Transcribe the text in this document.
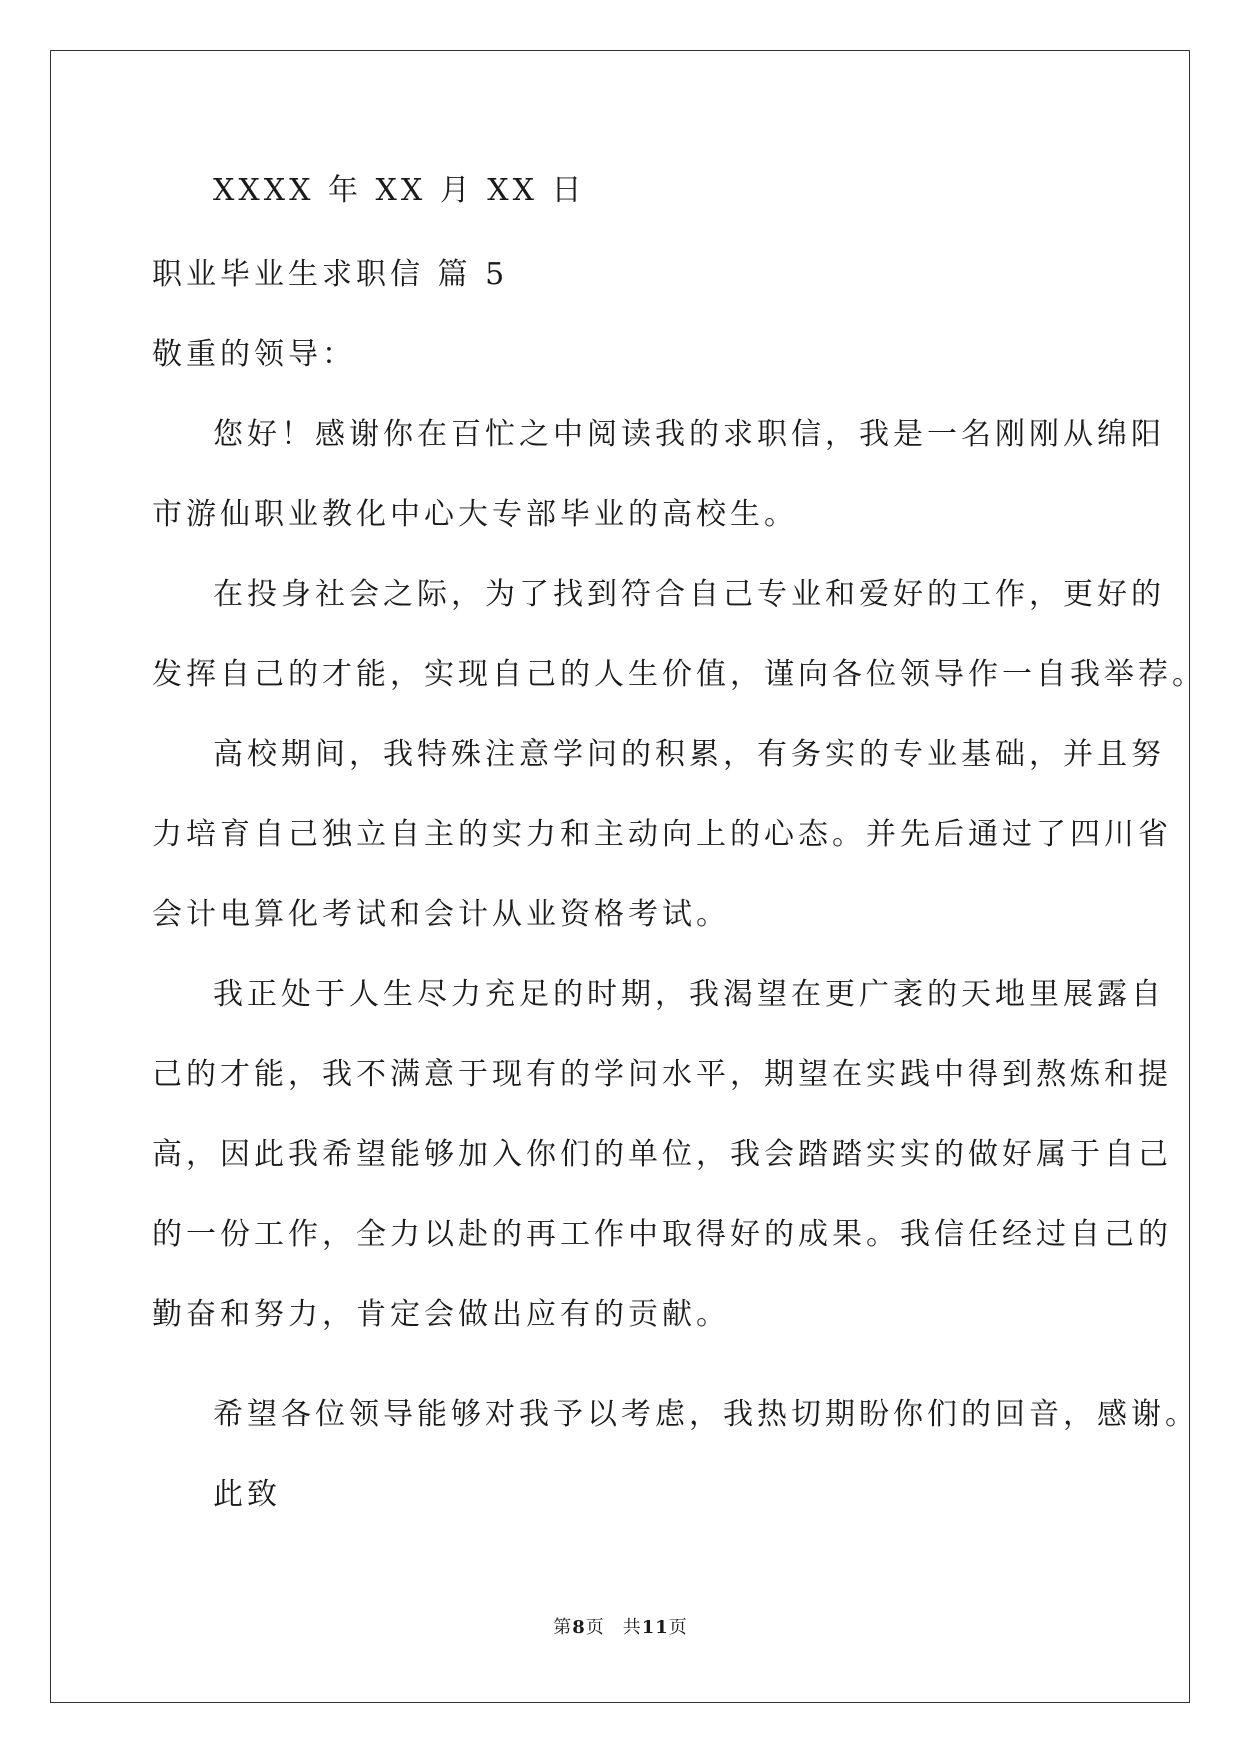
XXXX 年 XX 月 XX 日
职业毕业生求职信 篇 5
敬重的领导：
您好！感谢你在百忙之中阅读我的求职信，我是一名刚刚从绵阳
市游仙职业教化中心大专部毕业的高校生。
在投身社会之际，为了找到符合自己专业和爱好的工作，更好的
发挥自己的才能，实现自己的人生价值，谨向各位领导作一自我举荐。
高校期间，我特殊注意学问的积累，有务实的专业基础，并且努
力培育自己独立自主的实力和主动向上的心态。并先后通过了四川省
会计电算化考试和会计从业资格考试。
我正处于人生尽力充足的时期，我渴望在更广袤的天地里展露自
己的才能，我不满意于现有的学问水平，期望在实践中得到熬炼和提
高，因此我希望能够加入你们的单位，我会踏踏实实的做好属于自己
的一份工作，全力以赴的再工作中取得好的成果。我信任经过自己的
勤奋和努力，肯定会做出应有的贡献。
希望各位领导能够对我予以考虑，我热切期盼你们的回音，感谢。
此致
第8页 共11页
